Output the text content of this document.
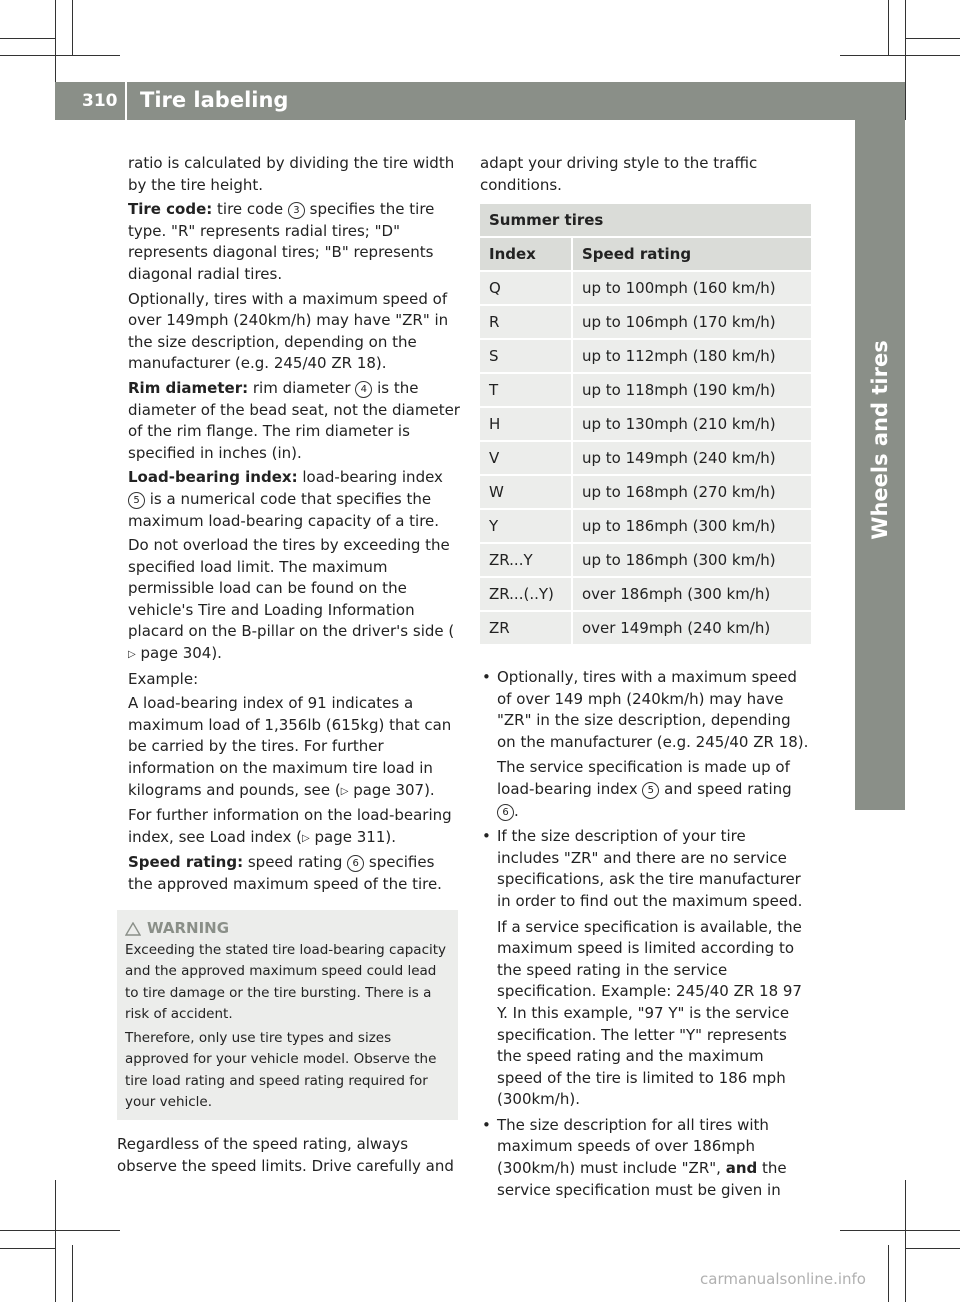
310 Tire labeling
Wheels and tires

ratio is calculated by dividing the tire width by the tire height.

Tire code: tire code 3 specifies the tire type. "R" represents radial tires; "D" represents diagonal tires; "B" represents diagonal radial tires.

Optionally, tires with a maximum speed of over 149mph (240km/h) may have "ZR" in the size description, depending on the manufacturer (e.g. 245/40 ZR 18).

Rim diameter: rim diameter 4 is the diameter of the bead seat, not the diameter of the rim flange. The rim diameter is specified in inches (in).

Load-bearing index: load-bearing index 5 is a numerical code that specifies the maximum load-bearing capacity of a tire.

Do not overload the tires by exceeding the specified load limit. The maximum permissible load can be found on the vehicle's Tire and Loading Information placard on the B-pillar on the driver's side (▷ page 304).

Example:

A load-bearing index of 91 indicates a maximum load of 1,356lb (615kg) that can be carried by the tires. For further information on the maximum tire load in kilograms and pounds, see (▷ page 307).

For further information on the load-bearing index, see Load index (▷ page 311).

Speed rating: speed rating 6 specifies the approved maximum speed of the tire.

WARNING

Exceeding the stated tire load-bearing capacity and the approved maximum speed could lead to tire damage or the tire bursting. There is a risk of accident.

Therefore, only use tire types and sizes approved for your vehicle model. Observe the tire load rating and speed rating required for your vehicle.

Regardless of the speed rating, always observe the speed limits. Drive carefully and

adapt your driving style to the traffic conditions.

Summer tires	
Index	Speed rating
Q	up to 100mph (160 km/h)
R	up to 106mph (170 km/h)
S	up to 112mph (180 km/h)
T	up to 118mph (190 km/h)
H	up to 130mph (210 km/h)
V	up to 149mph (240 km/h)
W	up to 168mph (270 km/h)
Y	up to 186mph (300 km/h)
ZR...Y	up to 186mph (300 km/h)
ZR...(..Y)	over 186mph (300 km/h)
ZR	over 149mph (240 km/h)

• Optionally, tires with a maximum speed of over 149 mph (240km/h) may have "ZR" in the size description, depending on the manufacturer (e.g. 245/40 ZR 18).

The service specification is made up of load-bearing index 5 and speed rating 6 .

• If the size description of your tire includes "ZR" and there are no service specifications, ask the tire manufacturer in order to find out the maximum speed.

If a service specification is available, the maximum speed is limited according to the speed rating in the service specification. Example: 245/40 ZR 18 97 Y. In this example, "97 Y" is the service specification. The letter "Y" represents the speed rating and the maximum speed of the tire is limited to 186 mph (300km/h).

• The size description for all tires with maximum speeds of over 186mph (300km/h) must include "ZR", and the service specification must be given in

carmanualsonline.info
